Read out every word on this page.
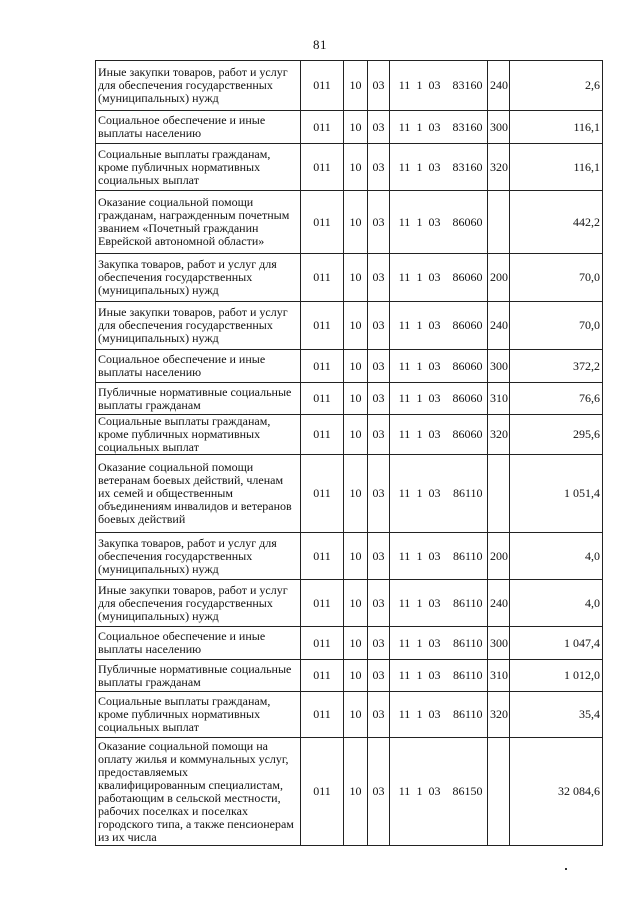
81
Иные закупки товаров, работ и услуг для обеспечения государственных (муниципальных) нужд	011	10	03	11 1 03 83160	240	2,6
Социальное обеспечение и иные выплаты населению	011	10	03	11 1 03 83160	300	116,1
Социальные выплаты гражданам, кроме публичных нормативных социальных выплат	011	10	03	11 1 03 83160	320	116,1
Оказание социальной помощи гражданам, награжденным почетным званием «Почетный гражданин Еврейской автономной области»	011	10	03	11 1 03 86060		442,2
Закупка товаров, работ и услуг для обеспечения государственных (муниципальных) нужд	011	10	03	11 1 03 86060	200	70,0
Иные закупки товаров, работ и услуг для обеспечения государственных (муниципальных) нужд	011	10	03	11 1 03 86060	240	70,0
Социальное обеспечение и иные выплаты населению	011	10	03	11 1 03 86060	300	372,2
Публичные нормативные социальные выплаты гражданам	011	10	03	11 1 03 86060	310	76,6
Социальные выплаты гражданам, кроме публичных нормативных социальных выплат	011	10	03	11 1 03 86060	320	295,6
Оказание социальной помощи ветеранам боевых действий, членам их семей и общественным объединениям инвалидов и ветеранов боевых действий	011	10	03	11 1 03 86110		1 051,4
Закупка товаров, работ и услуг для обеспечения государственных (муниципальных) нужд	011	10	03	11 1 03 86110	200	4,0
Иные закупки товаров, работ и услуг для обеспечения государственных (муниципальных) нужд	011	10	03	11 1 03 86110	240	4,0
Социальное обеспечение и иные выплаты населению	011	10	03	11 1 03 86110	300	1 047,4
Публичные нормативные социальные выплаты гражданам	011	10	03	11 1 03 86110	310	1 012,0
Социальные выплаты гражданам, кроме публичных нормативных социальных выплат	011	10	03	11 1 03 86110	320	35,4
Оказание социальной помощи на оплату жилья и коммунальных услуг, предоставляемых квалифицированным специалистам, работающим в сельской местности, рабочих поселках и поселках городского типа, а также пенсионерам из их числа	011	10	03	11 1 03 86150		32 084,6
